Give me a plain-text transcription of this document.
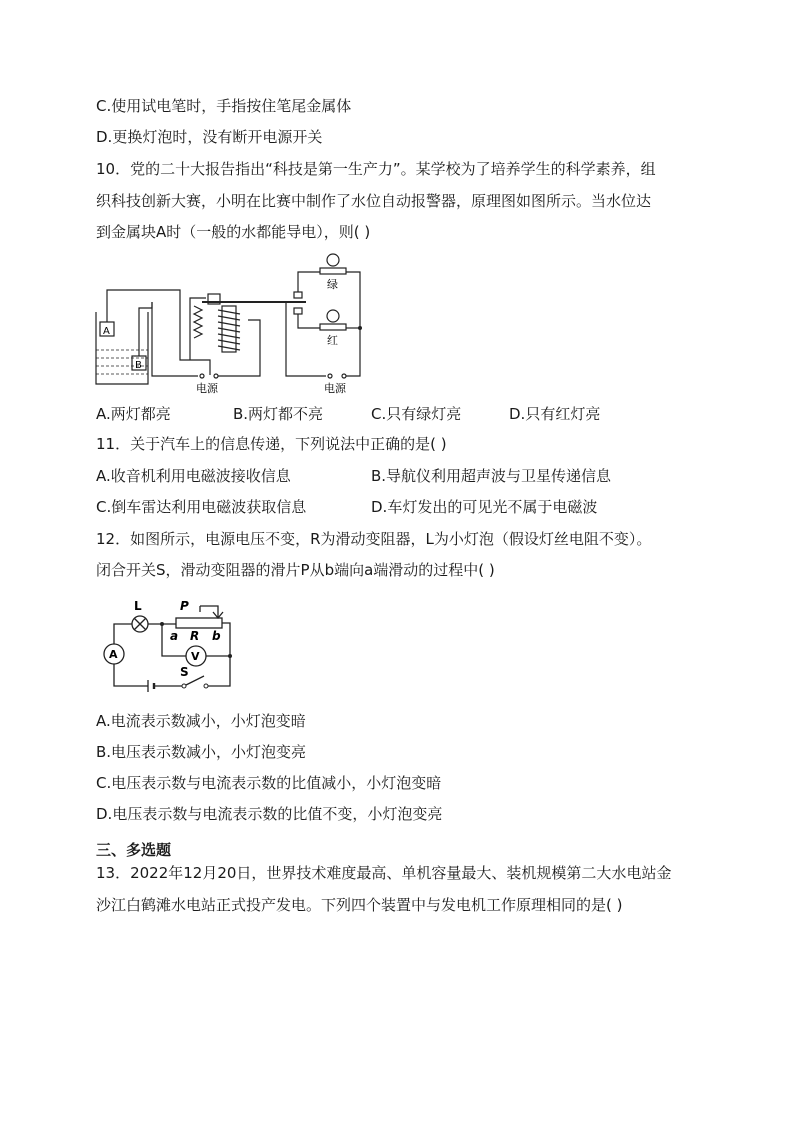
C.使用试电笔时，手指按住笔尾金属体
D.更换灯泡时，没有断开电源开关
10．党的二十大报告指出“科技是第一生产力”。某学校为了培养学生的科学素养，组
织科技创新大赛，小明在比赛中制作了水位自动报警器，原理图如图所示。当水位达
到金属块A时（一般的水都能导电），则( )
A
B
绿
红
电源	电源
A.两灯都亮	B.两灯都不亮	C.只有绿灯亮	D.只有红灯亮
11．关于汽车上的信息传递，下列说法中正确的是( )
A.收音机利用电磁波接收信息	B.导航仪利用超声波与卫星传递信息
C.倒车雷达利用电磁波获取信息	D.车灯发出的可见光不属于电磁波
12．如图所示，电源电压不变，R为滑动变阻器，L为小灯泡（假设灯丝电阻不变）。
闭合开关S，滑动变阻器的滑片P从b端向a端滑动的过程中( )
L	P
a R b
A	V
S
A.电流表示数减小，小灯泡变暗
B.电压表示数减小，小灯泡变亮
C.电压表示数与电流表示数的比值减小，小灯泡变暗
D.电压表示数与电流表示数的比值不变，小灯泡变亮
三、多选题
13．2022年12月20日，世界技术难度最高、单机容量最大、装机规模第二大水电站金
沙江白鹤滩水电站正式投产发电。下列四个装置中与发电机工作原理相同的是( )
